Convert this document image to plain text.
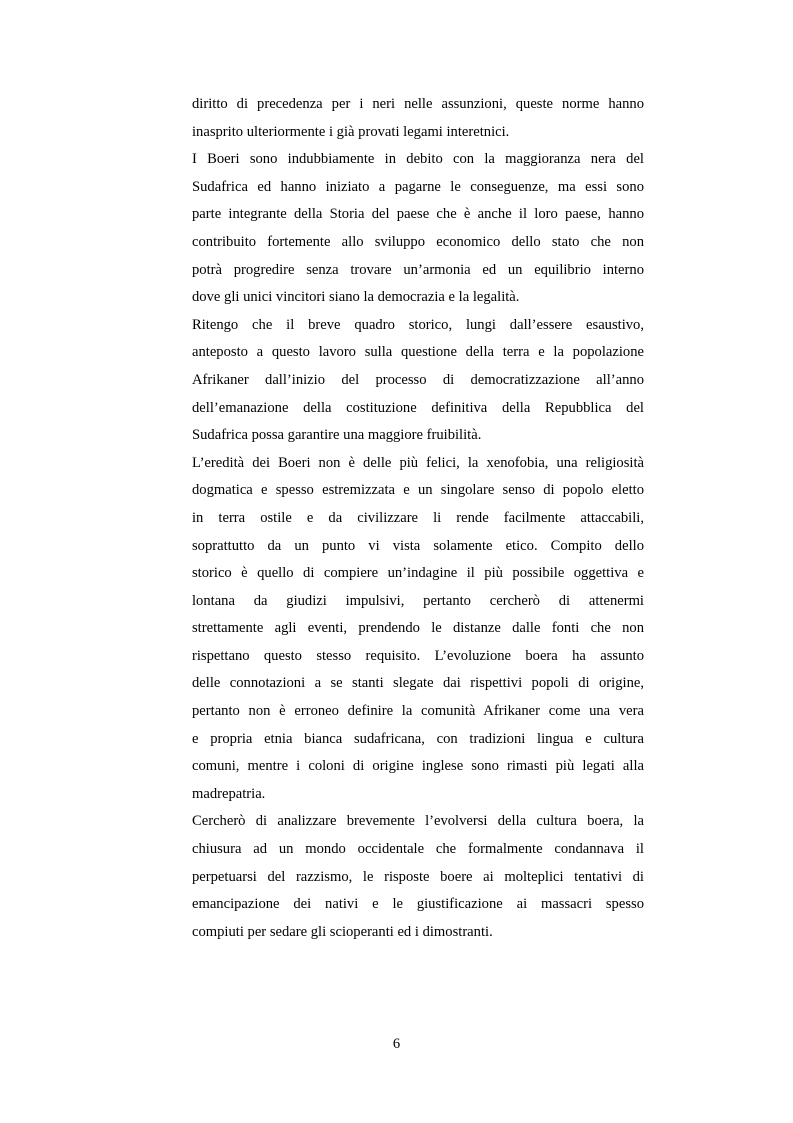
diritto di precedenza per i neri nelle assunzioni, queste norme hanno
inasprito ulteriormente i già provati legami interetnici.
I Boeri sono indubbiamente in debito con la maggioranza nera del
Sudafrica ed hanno iniziato a pagarne le conseguenze, ma essi sono
parte integrante della Storia del paese che è anche il loro paese, hanno
contribuito fortemente allo sviluppo economico dello stato che non
potrà progredire senza trovare un’armonia ed un equilibrio interno
dove gli unici vincitori siano la democrazia e la legalità.
Ritengo che il breve quadro storico, lungi dall’essere esaustivo,
anteposto a questo lavoro sulla questione della terra e la popolazione
Afrikaner dall’inizio del processo di democratizzazione all’anno
dell’emanazione della costituzione definitiva della Repubblica del
Sudafrica possa garantire una maggiore fruibilità.
L’eredità dei Boeri non è delle più felici, la xenofobia, una religiosità
dogmatica e spesso estremizzata e un singolare senso di popolo eletto
in terra ostile e da civilizzare li rende facilmente attaccabili,
soprattutto da un punto vi vista solamente etico. Compito dello
storico è quello di compiere un’indagine il più possibile oggettiva e
lontana da giudizi impulsivi, pertanto cercherò di attenermi
strettamente agli eventi, prendendo le distanze dalle fonti che non
rispettano questo stesso requisito. L’evoluzione boera ha assunto
delle connotazioni a se stanti slegate dai rispettivi popoli di origine,
pertanto non è erroneo definire la comunità Afrikaner come una vera
e propria etnia bianca sudafricana, con tradizioni lingua e cultura
comuni, mentre i coloni di origine inglese sono rimasti più legati alla
madrepatria.
Cercherò di analizzare brevemente l’evolversi della cultura boera, la
chiusura ad un mondo occidentale che formalmente condannava il
perpetuarsi del razzismo, le risposte boere ai molteplici tentativi di
emancipazione dei nativi e le giustificazione ai massacri spesso
compiuti per sedare gli scioperanti ed i dimostranti.
6
